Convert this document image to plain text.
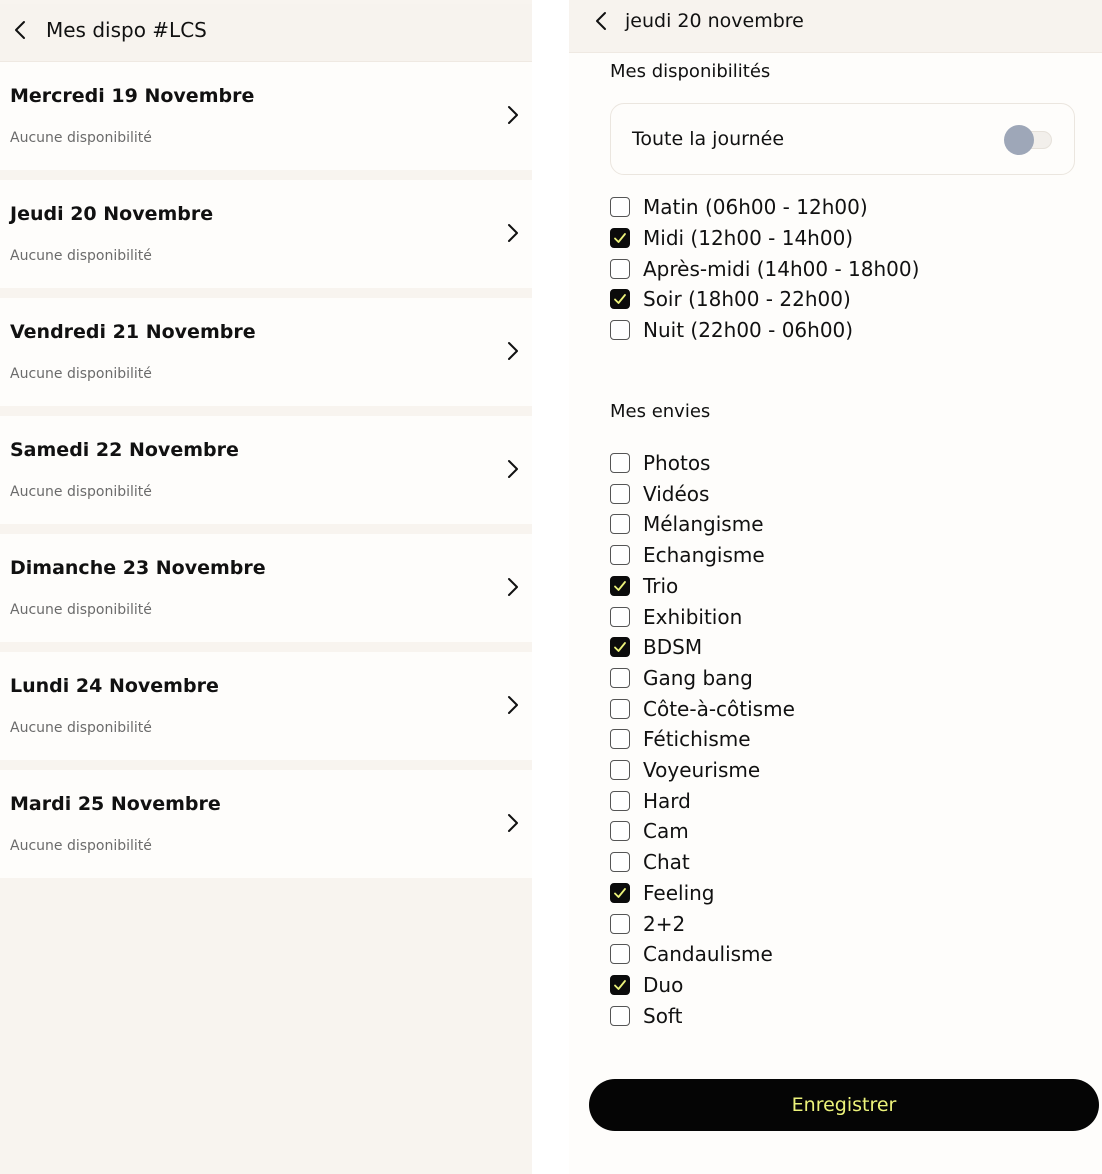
Mes dispo #LCS
Mercredi 19 Novembre
Aucune disponibilité
Jeudi 20 Novembre
Aucune disponibilité
Vendredi 21 Novembre
Aucune disponibilité
Samedi 22 Novembre
Aucune disponibilité
Dimanche 23 Novembre
Aucune disponibilité
Lundi 24 Novembre
Aucune disponibilité
Mardi 25 Novembre
Aucune disponibilité
jeudi 20 novembre
Mes disponibilités
Toute la journée
Matin (06h00 - 12h00)
Midi (12h00 - 14h00)
Après-midi (14h00 - 18h00)
Soir (18h00 - 22h00)
Nuit (22h00 - 06h00)
Mes envies
Photos
Vidéos
Mélangisme
Echangisme
Trio
Exhibition
BDSM
Gang bang
Côte-à-côtisme
Fétichisme
Voyeurisme
Hard
Cam
Chat
Feeling
2+2
Candaulisme
Duo
Soft
Enregistrer
